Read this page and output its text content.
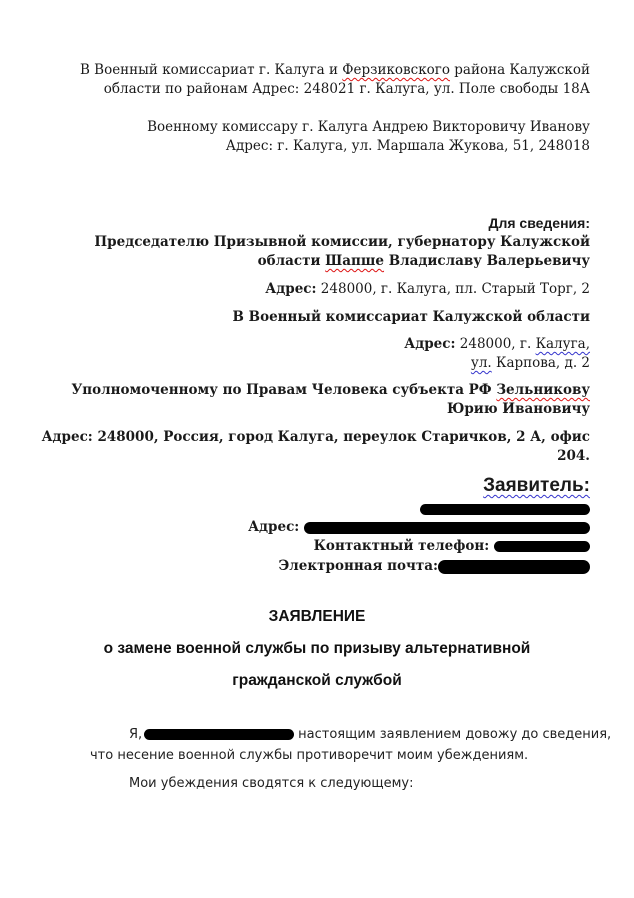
В Военный комиссариат г. Калуга и Ферзиковского района Калужской
области по районам Адрес: 248021 г. Калуга, ул. Поле свободы 18А
Военному комиссару г. Калуга Андрею Викторовичу Иванову
Адрес: г. Калуга, ул. Маршала Жукова, 51, 248018
Для сведения:
Председателю Призывной комиссии, губернатору Калужской
области Шапше Владиславу Валерьевичу
Адрес: 248000, г. Калуга, пл. Старый Торг, 2
В Военный комиссариат Калужской области
Адрес: 248000, г. Калуга,
ул. Карпова, д. 2
Уполномоченному по Правам Человека субъекта РФ Зельникову
Юрию Ивановичу
Адрес: 248000, Россия, город Калуга, переулок Старичков, 2 А, офис
204.
Заявитель:
Адрес:
Контактный телефон:
Электронная почта:
ЗАЯВЛЕНИЕ
о замене военной службы по призыву альтернативной
гражданской службой
Я,	настоящим заявлением довожу до сведения,
что несение военной службы противоречит моим убеждениям.
Мои убеждения сводятся к следующему:
